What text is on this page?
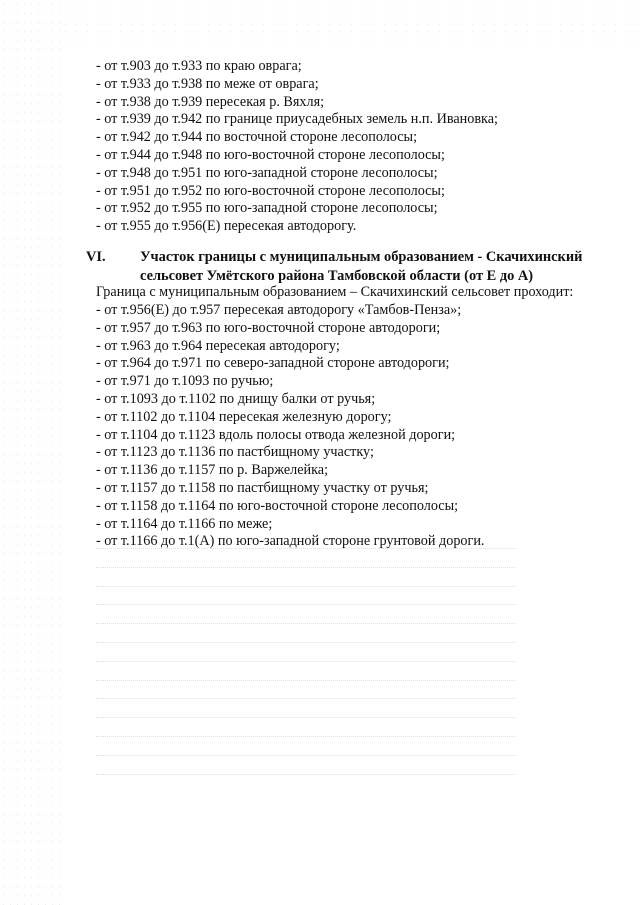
- от т.903 до т.933 по краю оврага;
- от т.933 до т.938 по меже от оврага;
- от т.938 до т.939 пересекая р. Вяхля;
- от т.939 до т.942 по границе приусадебных земель н.п. Ивановка;
- от т.942 до т.944 по восточной стороне лесополосы;
- от т.944 до т.948 по юго-восточной стороне лесополосы;
- от т.948 до т.951 по юго-западной стороне лесополосы;
- от т.951 до т.952 по юго-восточной стороне лесополосы;
- от т.952 до т.955 по юго-западной стороне лесополосы;
- от т.955 до т.956(Е) пересекая автодорогу.
VI. Участок границы с муниципальным образованием - Скачихинский
сельсовет Умётского района Тамбовской области (от Е до А)
Граница с муниципальным образованием – Скачихинский сельсовет проходит:
- от т.956(Е) до т.957 пересекая автодорогу «Тамбов-Пенза»;
- от т.957 до т.963 по юго-восточной стороне автодороги;
- от т.963 до т.964 пересекая автодорогу;
- от т.964 до т.971 по северо-западной стороне автодороги;
- от т.971 до т.1093 по ручью;
- от т.1093 до т.1102 по днищу балки от ручья;
- от т.1102 до т.1104 пересекая железную дорогу;
- от т.1104 до т.1123 вдоль полосы отвода железной дороги;
- от т.1123 до т.1136 по пастбищному участку;
- от т.1136 до т.1157 по р. Варжелейка;
- от т.1157 до т.1158 по пастбищному участку от ручья;
- от т.1158 до т.1164 по юго-восточной стороне лесополосы;
- от т.1164 до т.1166 по меже;
- от т.1166 до т.1(А) по юго-западной стороне грунтовой дороги.
